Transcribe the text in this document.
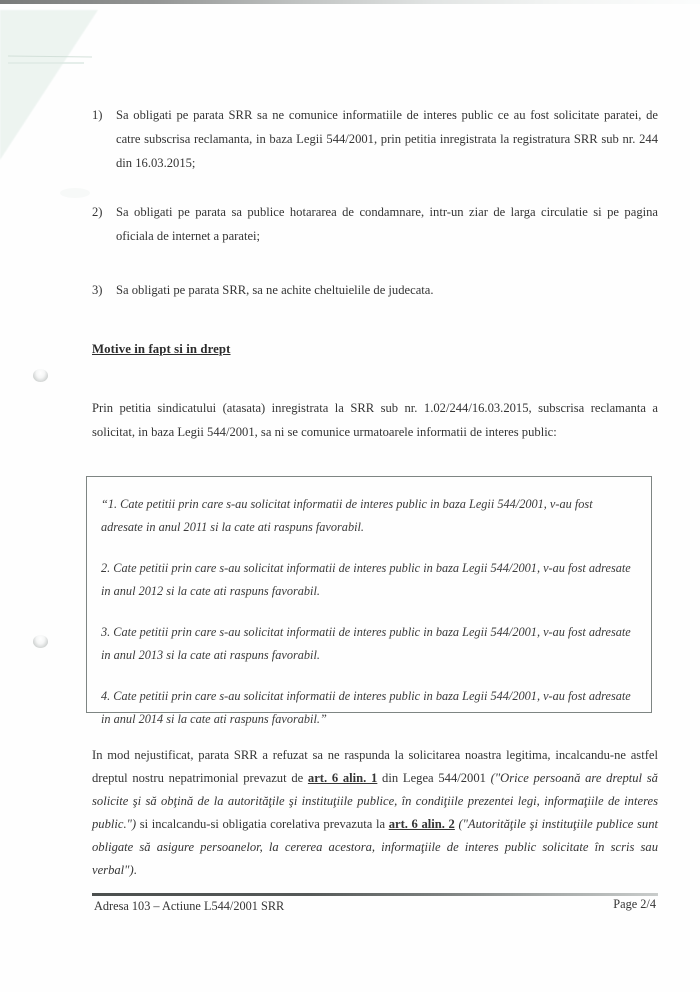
1)	Sa obligati pe parata SRR sa ne comunice informatiile de interes public ce au fost solicitate paratei, de catre subscrisa reclamanta, in baza Legii 544/2001, prin petitia inregistrata la registratura SRR sub nr. 244 din 16.03.2015;
2)	Sa obligati pe parata sa publice hotararea de condamnare, intr-un ziar de larga circulatie si pe pagina oficiala de internet a paratei;
3)	Sa obligati pe parata SRR, sa ne achite cheltuielile de judecata.
Motive in fapt si in drept
Prin petitia sindicatului (atasata) inregistrata la SRR sub nr. 1.02/244/16.03.2015, subscrisa reclamanta a solicitat, in baza Legii 544/2001, sa ni se comunice urmatoarele informatii de interes public:
“1. Cate petitii prin care s-au solicitat informatii de interes public in baza Legii 544/2001, v-au fost adresate in anul 2011 si la cate ati raspuns favorabil.
2. Cate petitii prin care s-au solicitat informatii de interes public in baza Legii 544/2001, v-au fost adresate in anul 2012 si la cate ati raspuns favorabil.
3. Cate petitii prin care s-au solicitat informatii de interes public in baza Legii 544/2001, v-au fost adresate in anul 2013 si la cate ati raspuns favorabil.
4. Cate petitii prin care s-au solicitat informatii de interes public in baza Legii 544/2001, v-au fost adresate in anul 2014 si la cate ati raspuns favorabil.”
In mod nejustificat, parata SRR a refuzat sa ne raspunda la solicitarea noastra legitima, incalcandu-ne astfel dreptul nostru nepatrimonial prevazut de art. 6 alin. 1 din Legea 544/2001 ("Orice persoană are dreptul să solicite şi să obţină de la autorităţile şi instituţiile publice, în condiţiile prezentei legi, informaţiile de interes public.") si incalcandu-si obligatia corelativa prevazuta la art. 6 alin. 2 ("Autorităţile şi instituţiile publice sunt obligate să asigure persoanelor, la cererea acestora, informaţiile de interes public solicitate în scris sau verbal").
Adresa 103 – Actiune L544/2001 SRR	Page 2/4
